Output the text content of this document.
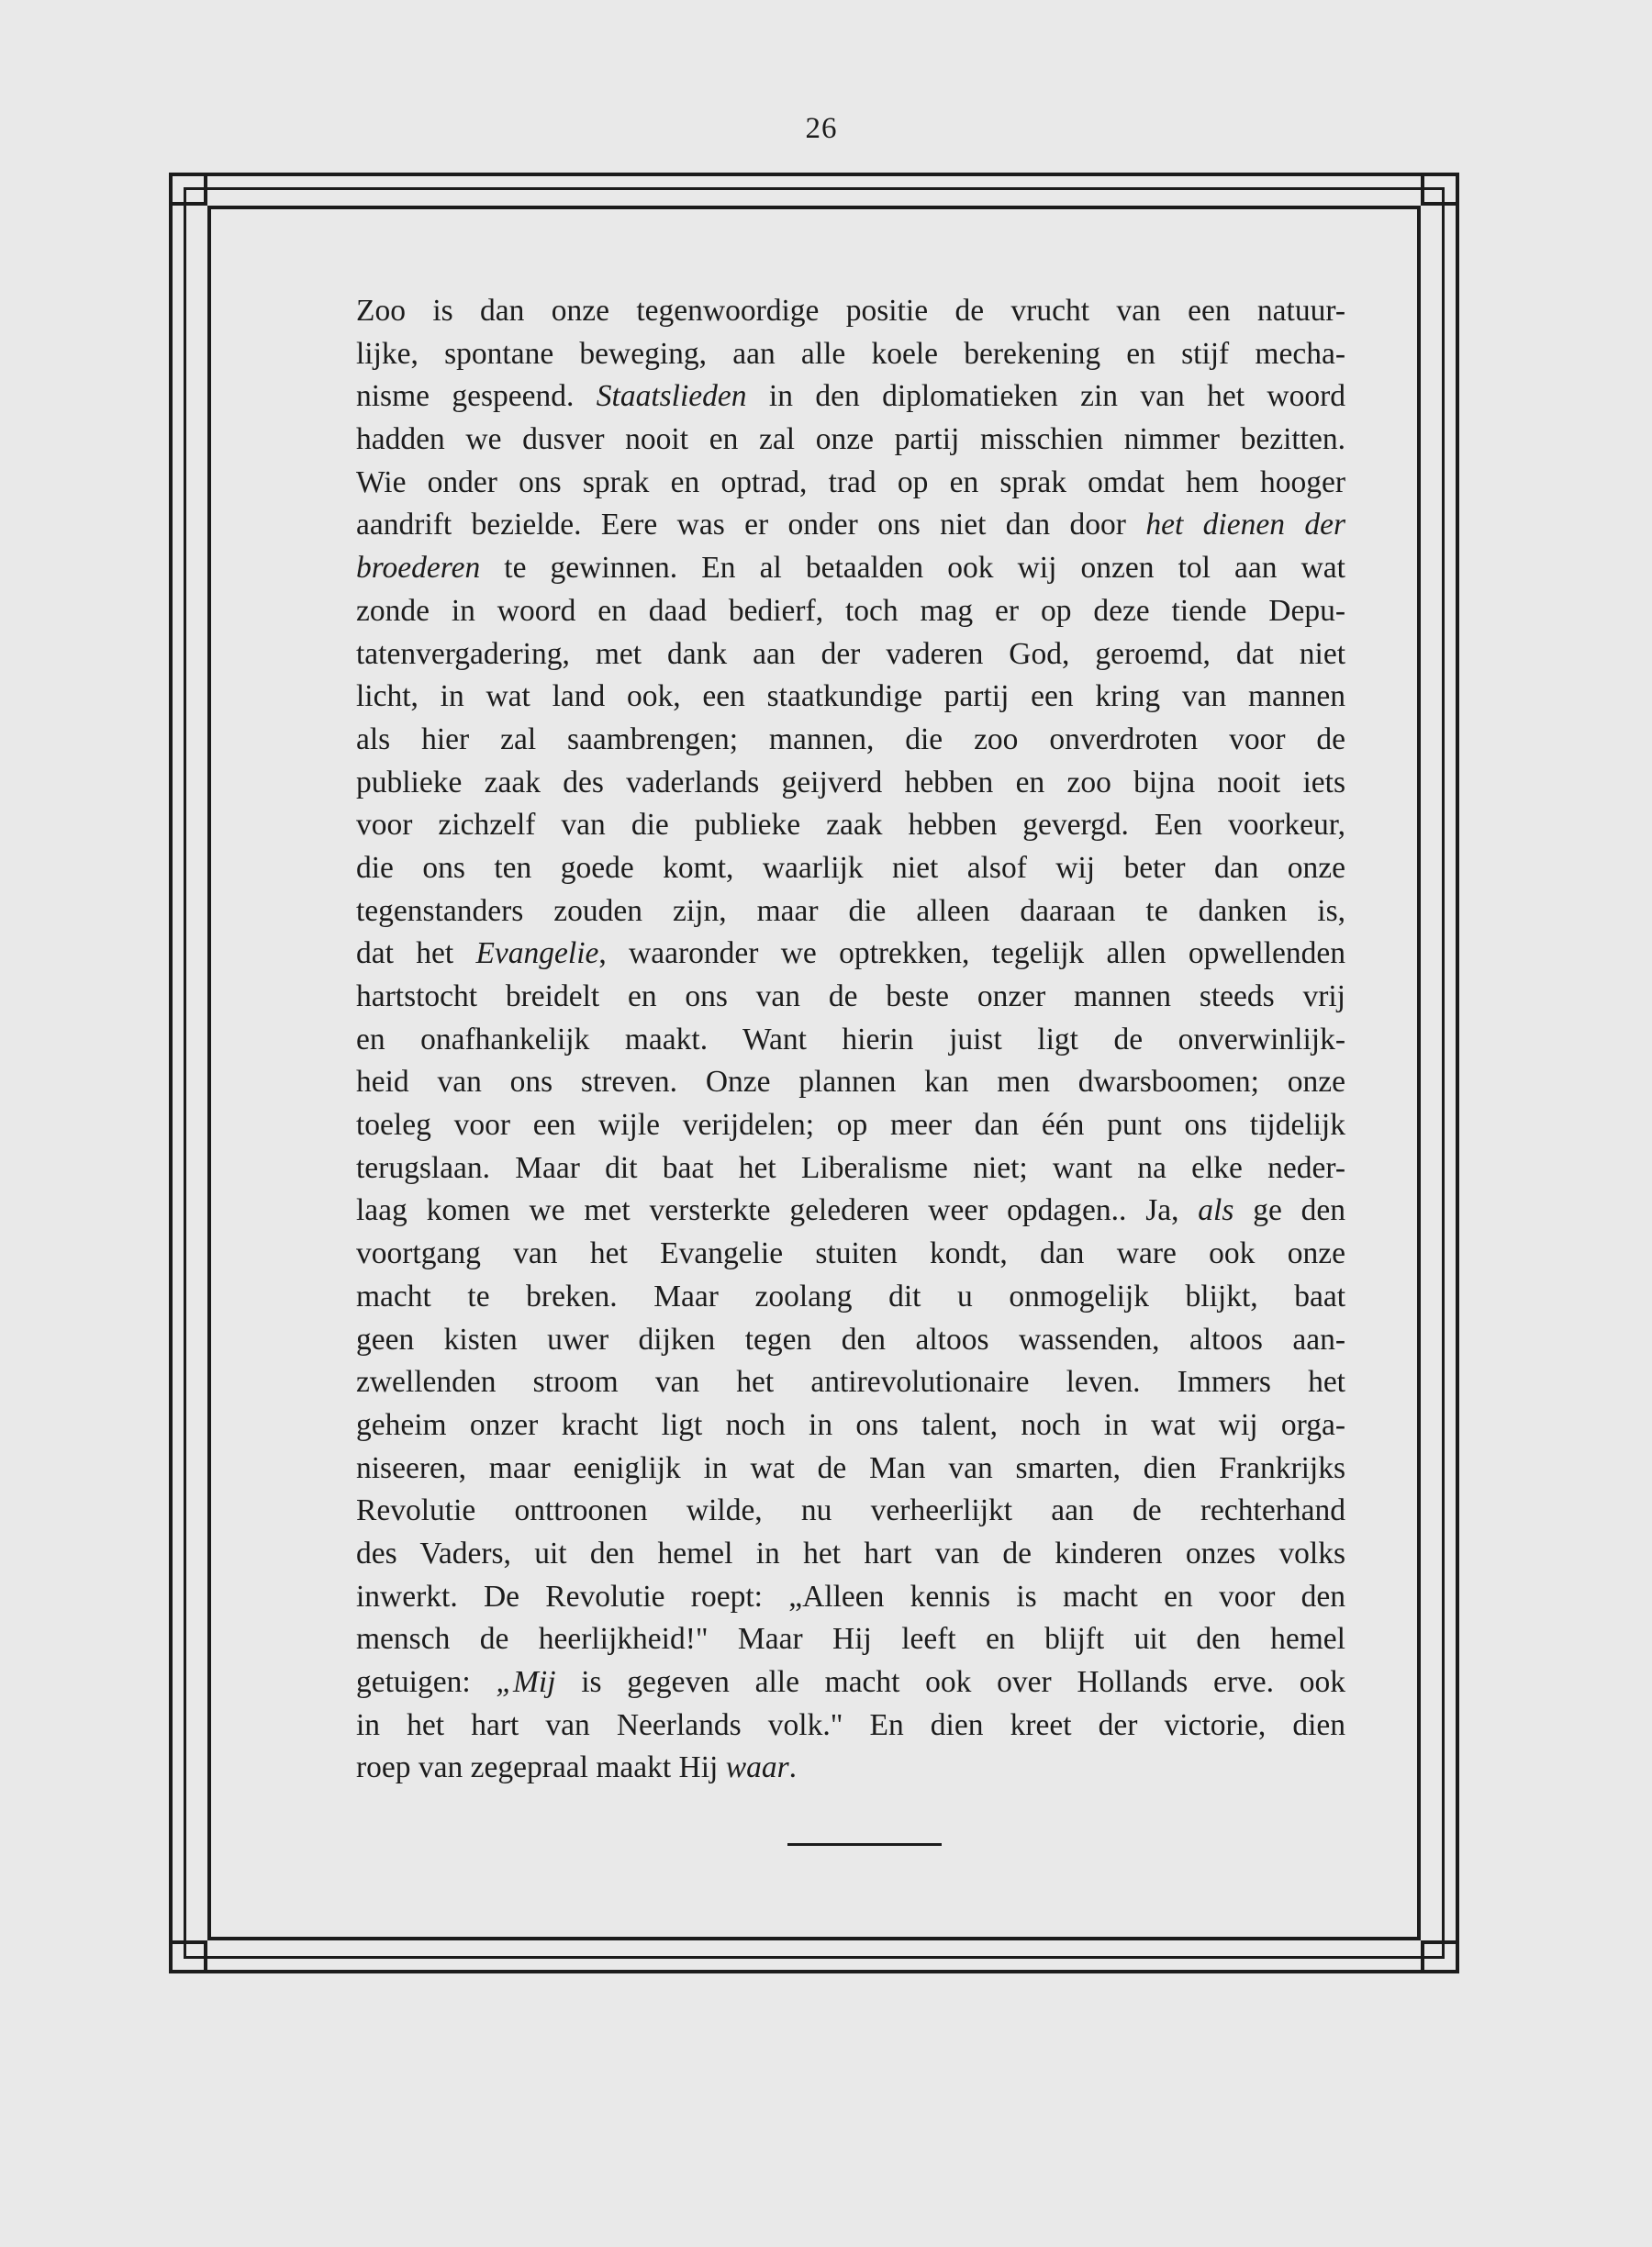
26
Zoo is dan onze tegenwoordige positie de vrucht van een natuur-
lijke, spontane beweging, aan alle koele berekening en stijf mecha-
nisme gespeend. Staatslieden in den diplomatieken zin van het woord
hadden we dusver nooit en zal onze partij misschien nimmer bezitten.
Wie onder ons sprak en optrad, trad op en sprak omdat hem hooger
aandrift bezielde. Eere was er onder ons niet dan door het dienen der
broederen te gewinnen. En al betaalden ook wij onzen tol aan wat
zonde in woord en daad bedierf, toch mag er op deze tiende Depu-
tatenvergadering, met dank aan der vaderen God, geroemd, dat niet
licht, in wat land ook, een staatkundige partij een kring van mannen
als hier zal saambrengen; mannen, die zoo onverdroten voor de
publieke zaak des vaderlands geijverd hebben en zoo bijna nooit iets
voor zichzelf van die publieke zaak hebben gevergd. Een voorkeur,
die ons ten goede komt, waarlijk niet alsof wij beter dan onze
tegenstanders zouden zijn, maar die alleen daaraan te danken is,
dat het Evangelie, waaronder we optrekken, tegelijk allen opwellenden
hartstocht breidelt en ons van de beste onzer mannen steeds vrij
en onafhankelijk maakt. Want hierin juist ligt de onverwinlijk-
heid van ons streven. Onze plannen kan men dwarsboomen; onze
toeleg voor een wijle verijdelen; op meer dan één punt ons tijdelijk
terugslaan. Maar dit baat het Liberalisme niet; want na elke neder-
laag komen we met versterkte gelederen weer opdagen.. Ja, als ge den
voortgang van het Evangelie stuiten kondt, dan ware ook onze
macht te breken. Maar zoolang dit u onmogelijk blijkt, baat
geen kisten uwer dijken tegen den altoos wassenden, altoos aan-
zwellenden stroom van het antirevolutionaire leven. Immers het
geheim onzer kracht ligt noch in ons talent, noch in wat wij orga-
niseeren, maar eeniglijk in wat de Man van smarten, dien Frankrijks
Revolutie onttroonen wilde, nu verheerlijkt aan de rechterhand
des Vaders, uit den hemel in het hart van de kinderen onzes volks
inwerkt. De Revolutie roept: „Alleen kennis is macht en voor den
mensch de heerlijkheid!" Maar Hij leeft en blijft uit den hemel
getuigen: „Mij is gegeven alle macht ook over Hollands erve. ook
in het hart van Neerlands volk." En dien kreet der victorie, dien
roep van zegepraal maakt Hij waar.
